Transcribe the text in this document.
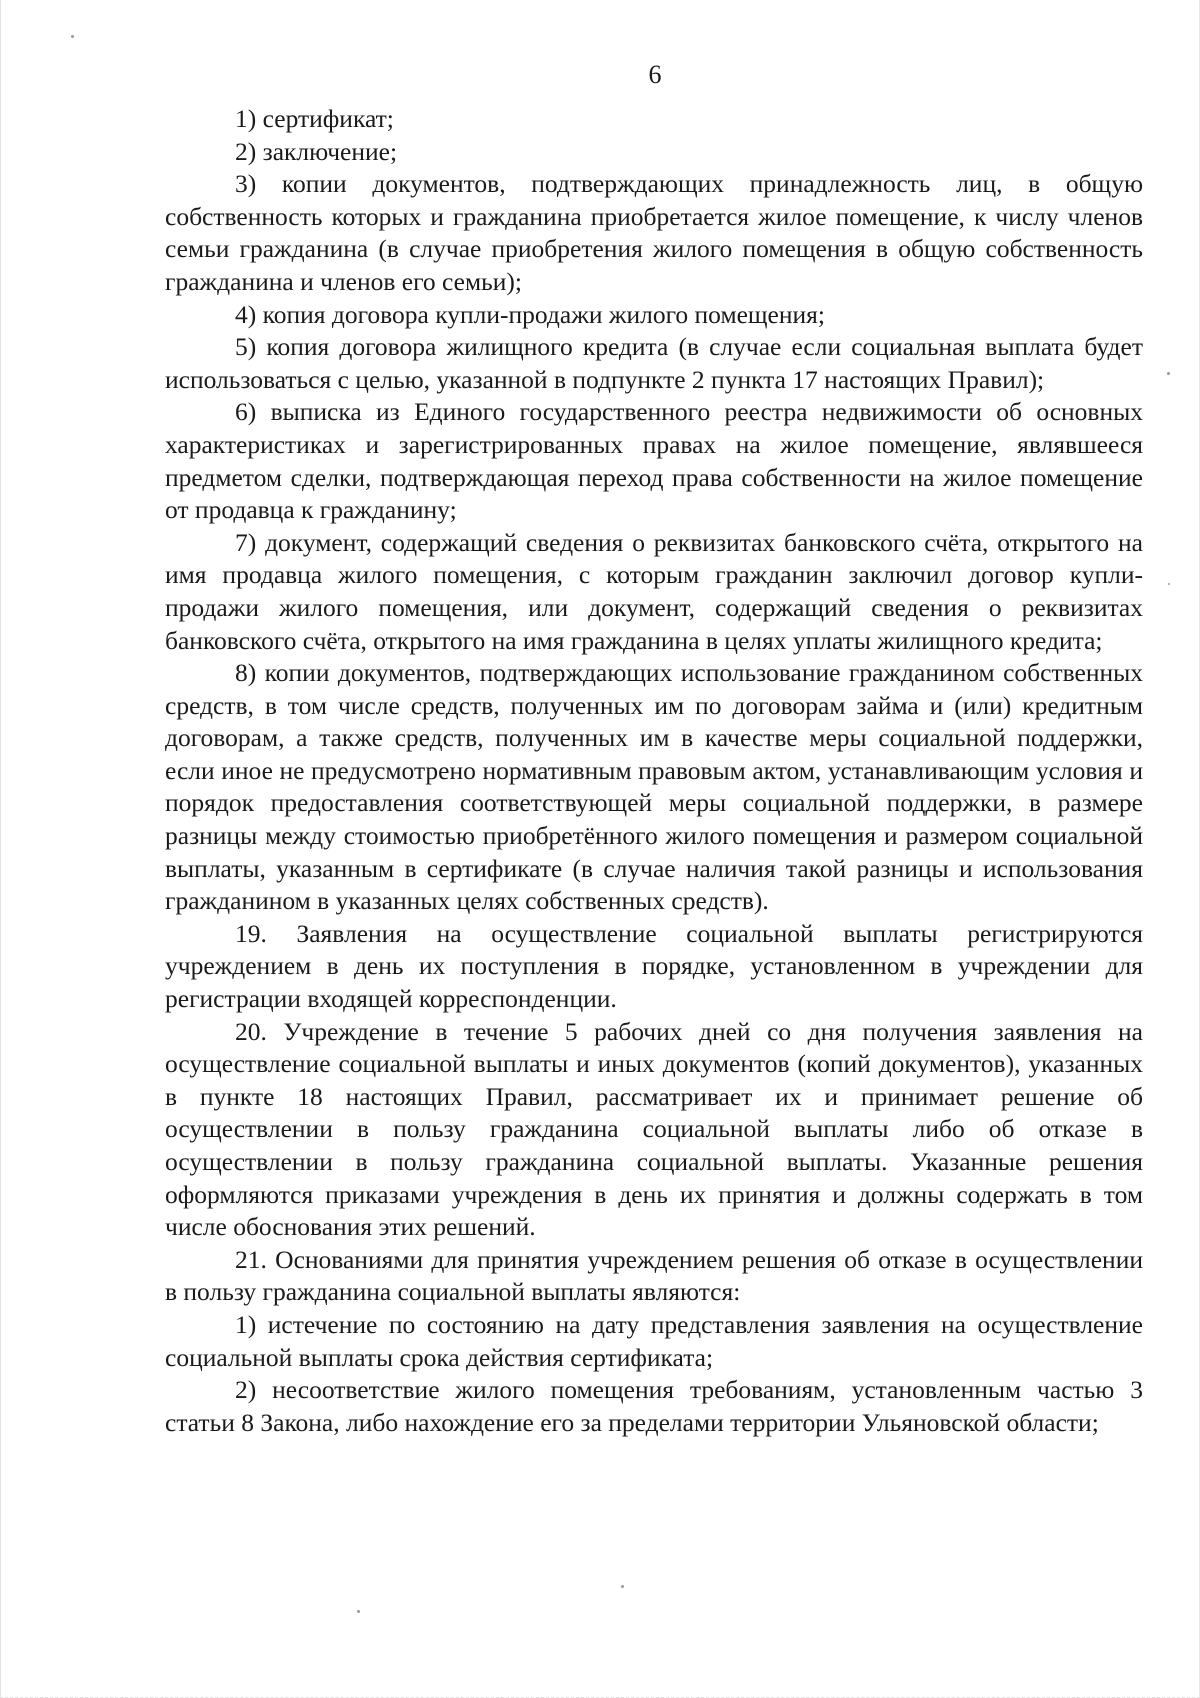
6

1) сертификат;

2) заключение;

3) копии документов, подтверждающих принадлежность лиц, в общую собственность которых и гражданина приобретается жилое помещение, к числу членов семьи гражданина (в случае приобретения жилого помещения в общую собственность гражданина и членов его семьи);

4) копия договора купли-продажи жилого помещения;

5) копия договора жилищного кредита (в случае если социальная выплата будет использоваться с целью, указанной в подпункте 2 пункта 17 настоящих Правил);

6) выписка из Единого государственного реестра недвижимости об основных характеристиках и зарегистрированных правах на жилое помещение, являвшееся предметом сделки, подтверждающая переход права собственности на жилое помещение от продавца к гражданину;

7) документ, содержащий сведения о реквизитах банковского счёта, открытого на имя продавца жилого помещения, с которым гражданин заключил договор купли-продажи жилого помещения, или документ, содержащий сведения о реквизитах банковского счёта, открытого на имя гражданина в целях уплаты жилищного кредита;

8) копии документов, подтверждающих использование гражданином собственных средств, в том числе средств, полученных им по договорам займа и (или) кредитным договорам, а также средств, полученных им в качестве меры социальной поддержки, если иное не предусмотрено нормативным правовым актом, устанавливающим условия и порядок предоставления соответствующей меры социальной поддержки, в размере разницы между стоимостью приобретённого жилого помещения и размером социальной выплаты, указанным в сертификате (в случае наличия такой разницы и использования гражданином в указанных целях собственных средств).

19. Заявления на осуществление социальной выплаты регистрируются учреждением в день их поступления в порядке, установленном в учреждении для регистрации входящей корреспонденции.

20. Учреждение в течение 5 рабочих дней со дня получения заявления на осуществление социальной выплаты и иных документов (копий документов), указанных в пункте 18 настоящих Правил, рассматривает их и принимает решение об осуществлении в пользу гражданина социальной выплаты либо об отказе в осуществлении в пользу гражданина социальной выплаты. Указанные решения оформляются приказами учреждения в день их принятия и должны содержать в том числе обоснования этих решений.

21. Основаниями для принятия учреждением решения об отказе в осуществлении в пользу гражданина социальной выплаты являются:

1) истечение по состоянию на дату представления заявления на осуществление социальной выплаты срока действия сертификата;

2) несоответствие жилого помещения требованиям, установленным частью 3 статьи 8 Закона, либо нахождение его за пределами территории Ульяновской области;
